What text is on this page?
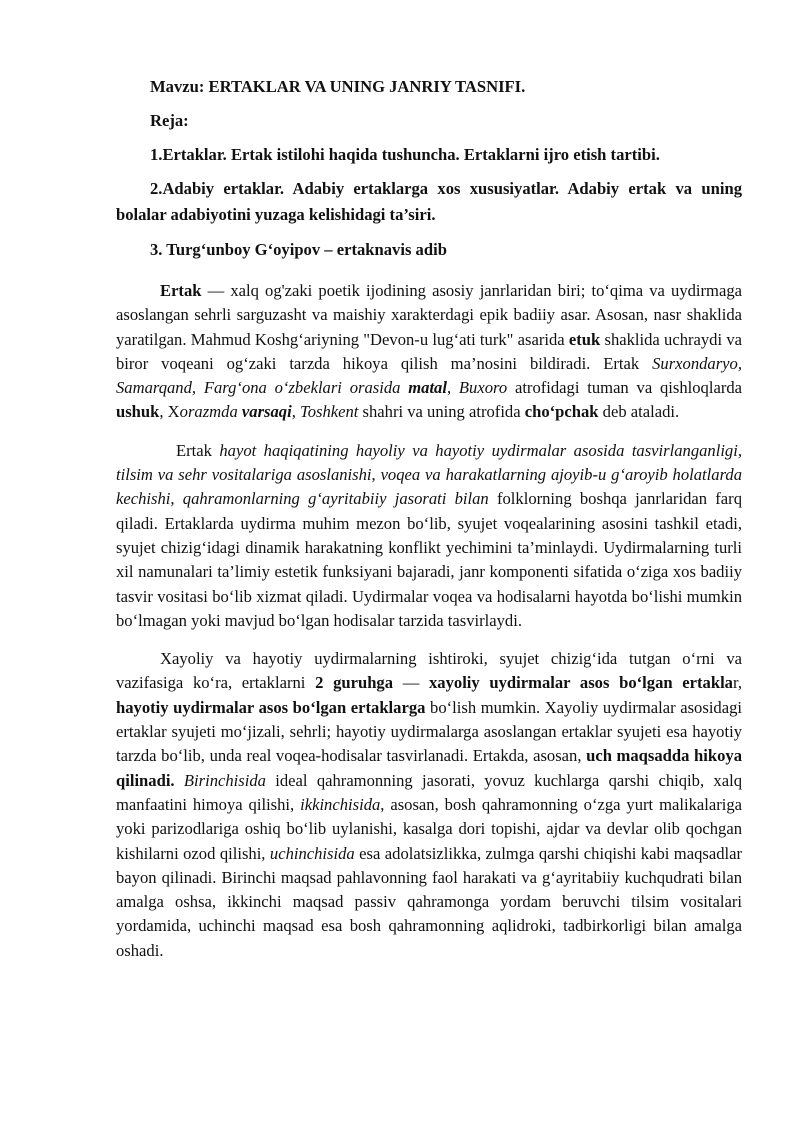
Mavzu: ERTAKLAR VA UNING JANRIY TASNIFI.

Reja:

1.Ertaklar. Ertak istilohi haqida tushuncha. Ertaklarni ijro etish tartibi.

2.Adabiy ertaklar. Adabiy ertaklarga xos xususiyatlar. Adabiy ertak va uning bolalar adabiyotini yuzaga kelishidagi ta’siri.

3. Turg‘unboy G‘oyipov – ertaknavis adib

Ertak — xalq og'zaki poetik ijodining asosiy janrlaridan biri; to‘qima va uydirmaga asoslangan sehrli sarguzasht va maishiy xarakterdagi epik badiiy asar. Asosan, nasr shaklida yaratilgan. Mahmud Koshg‘ariyning "Devon-u lug‘ati turk" asarida etuk shaklida uchraydi va biror voqeani og‘zaki tarzda hikoya qilish ma’nosini bildiradi. Ertak Surxondaryo, Samarqand, Farg‘ona o‘zbeklari orasida matal, Buxoro atrofidagi tuman va qishloqlarda ushuk, Xorazmda varsaqi, Toshkent shahri va uning atrofida cho‘pchak deb ataladi.

Ertak hayot haqiqatining hayoliy va hayotiy uydirmalar asosida tasvirlanganligi, tilsim va sehr vositalariga asoslanishi, voqea va harakatlarning ajoyib-u g‘aroyib holatlarda kechishi, qahramonlarning g‘ayritabiiy jasorati bilan folklorning boshqa janrlaridan farq qiladi. Ertaklarda uydirma muhim mezon bo‘lib, syujet voqealarining asosini tashkil etadi, syujet chizig‘idagi dinamik harakatning konflikt yechimini ta’minlaydi. Uydirmalarning turli xil namunalari ta’limiy estetik funksiyani bajaradi, janr komponenti sifatida o‘ziga xos badiiy tasvir vositasi bo‘lib xizmat qiladi. Uydirmalar voqea va hodisalarni hayotda bo‘lishi mumkin bo‘lmagan yoki mavjud bo‘lgan hodisalar tarzida tasvirlaydi.

Xayoliy va hayotiy uydirmalarning ishtiroki, syujet chizig‘ida tutgan o‘rni va vazifasiga ko‘ra, ertaklarni 2 guruhga — xayoliy uydirmalar asos bo‘lgan ertaklar, hayotiy uydirmalar asos bo‘lgan ertaklarga bo‘lish mumkin. Xayoliy uydirmalar asosidagi ertaklar syujeti mo‘jizali, sehrli; hayotiy uydirmalarga asoslangan ertaklar syujeti esa hayotiy tarzda bo‘lib, unda real voqea-hodisalar tasvirlanadi. Ertakda, asosan, uch maqsadda hikoya qilinadi. Birinchisida ideal qahramonning jasorati, yovuz kuchlarga qarshi chiqib, xalq manfaatini himoya qilishi, ikkinchisida, asosan, bosh qahramonning o‘zga yurt malikalariga yoki parizodlariga oshiq bo‘lib uylanishi, kasalga dori topishi, ajdar va devlar olib qochgan kishilarni ozod qilishi, uchinchisida esa adolatsizlikka, zulmga qarshi chiqishi kabi maqsadlar bayon qilinadi. Birinchi maqsad pahlavonning faol harakati va g‘ayritabiiy kuchqudrati bilan amalga oshsa, ikkinchi maqsad passiv qahramonga yordam beruvchi tilsim vositalari yordamida, uchinchi maqsad esa bosh qahramonning aqlidroki, tadbirkorligi bilan amalga oshadi.
